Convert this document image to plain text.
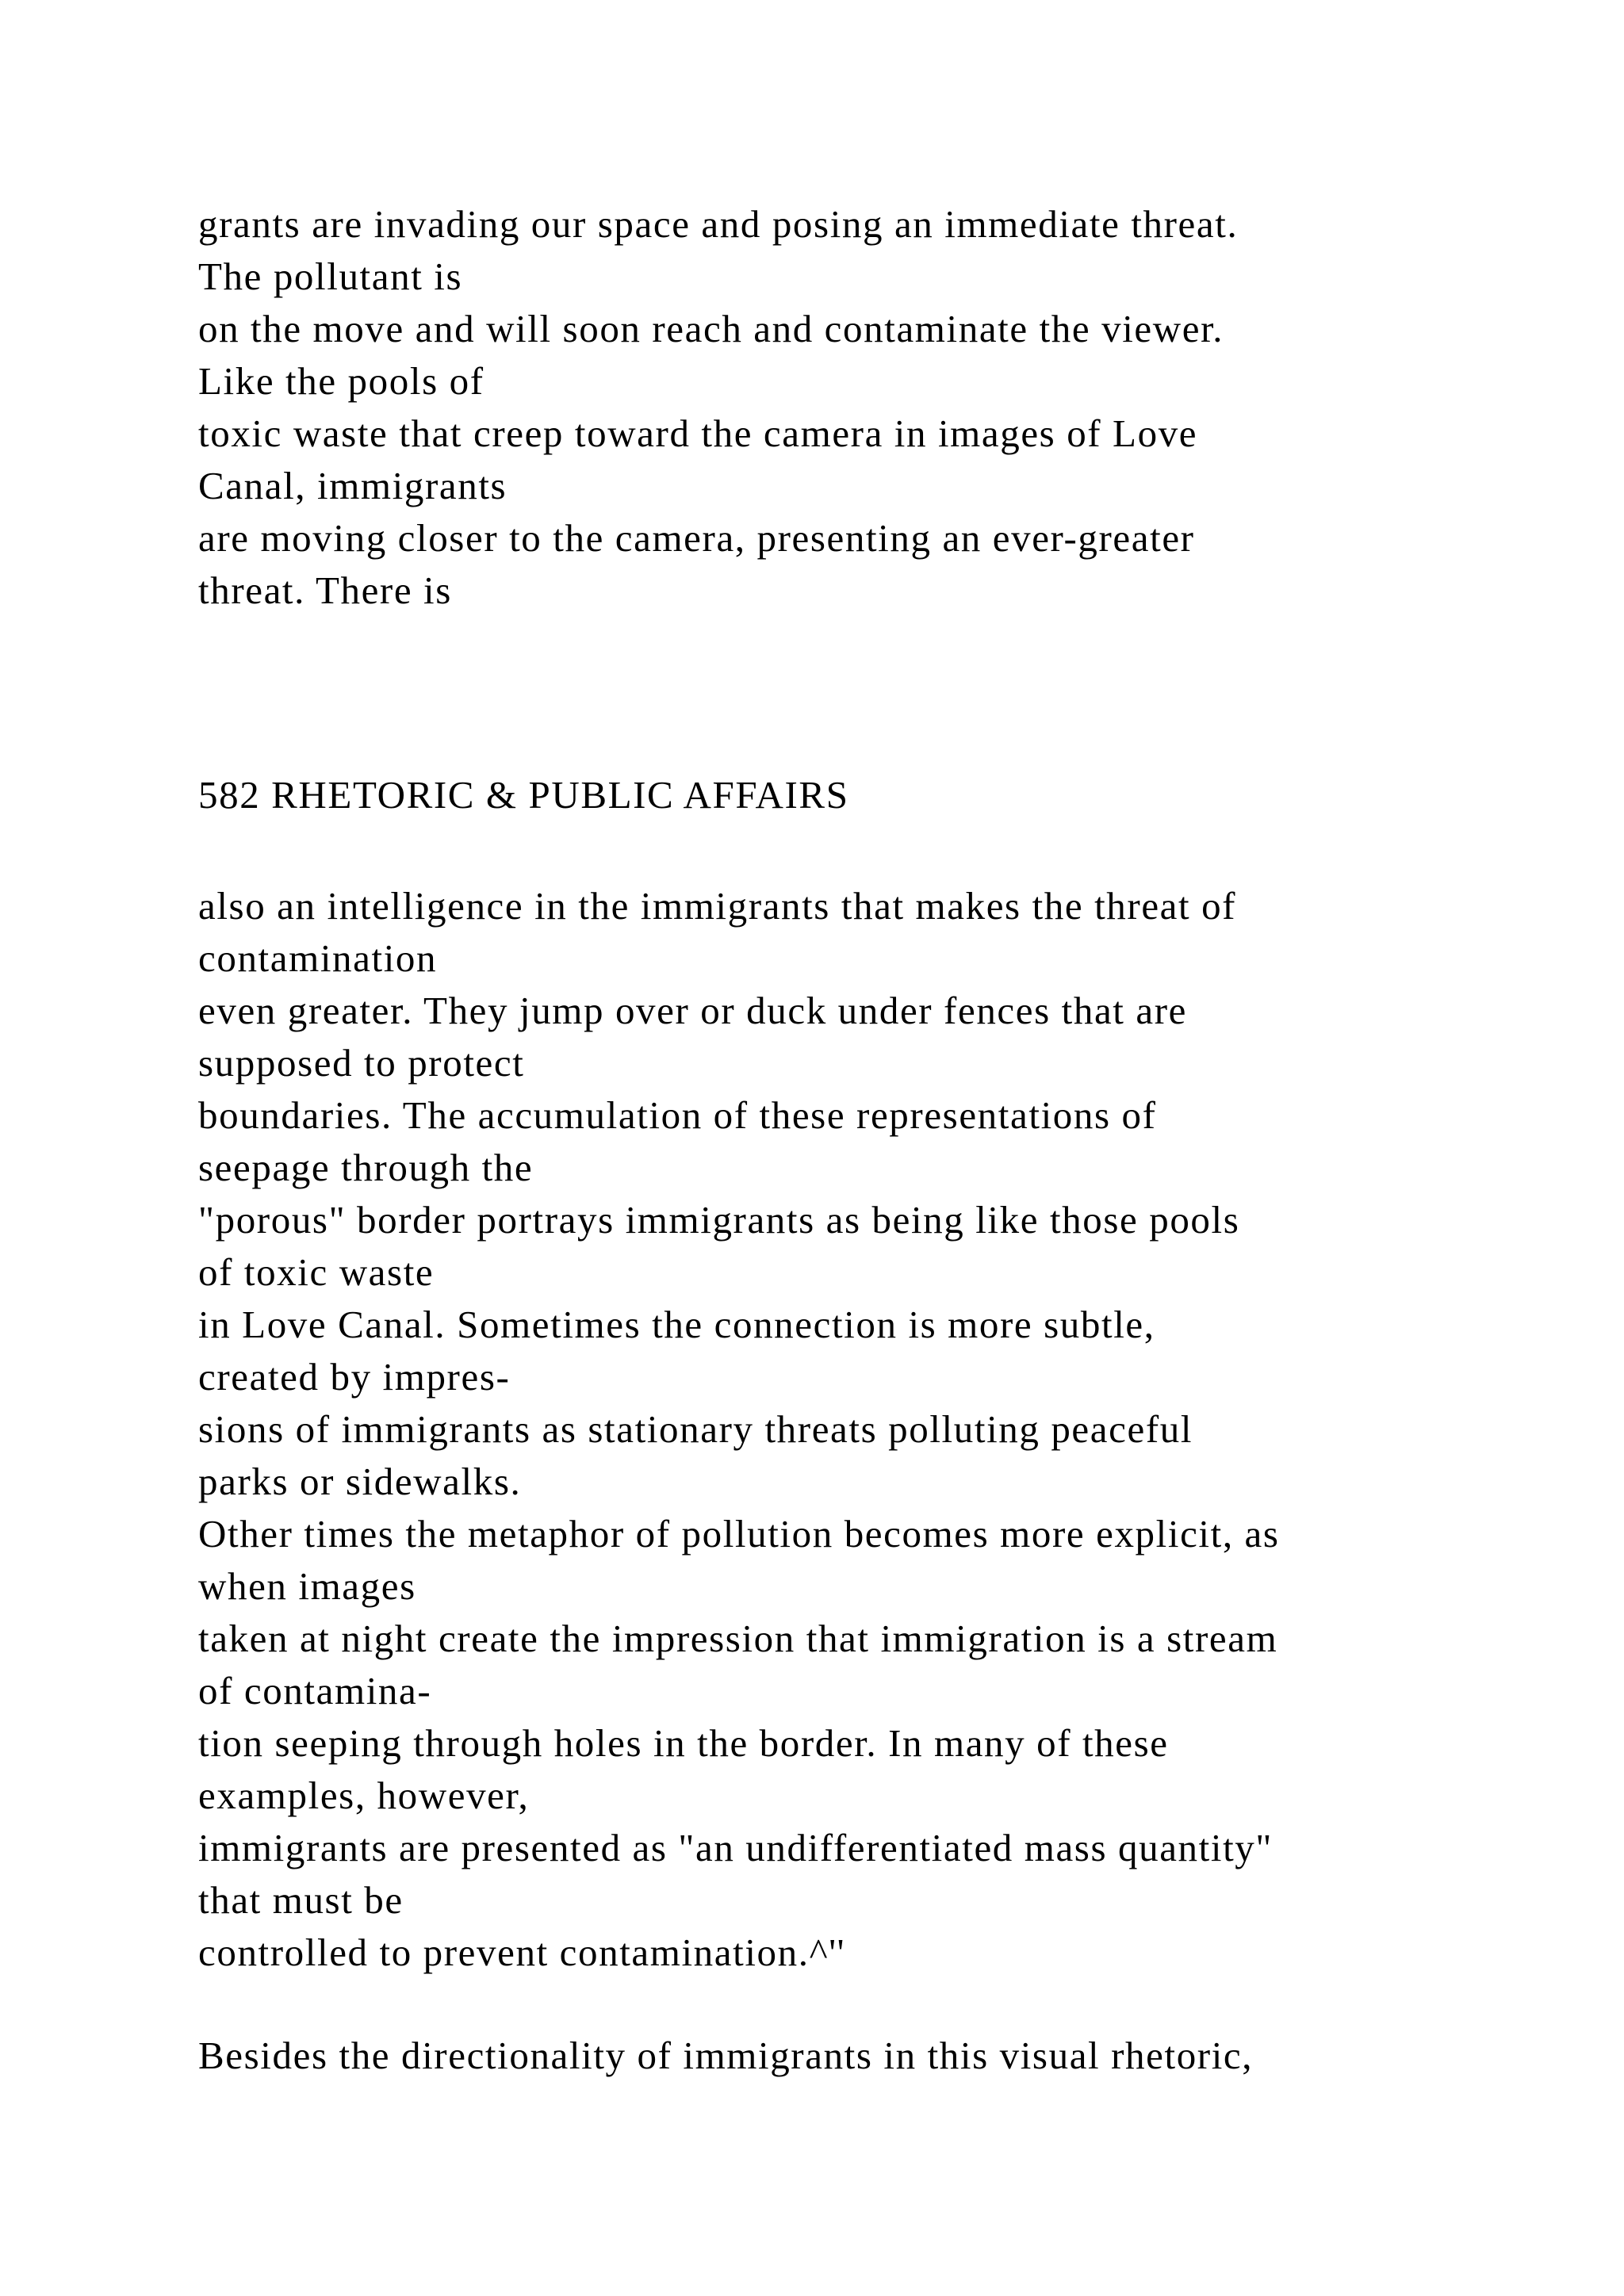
grants are invading our space and posing an immediate threat.
The pollutant is
on the move and will soon reach and contaminate the viewer.
Like the pools of
toxic waste that creep toward the camera in images of Love
Canal, immigrants
are moving closer to the camera, presenting an ever-greater
threat. There is

582 RHETORIC & PUBLIC AFFAIRS

also an intelligence in the immigrants that makes the threat of
contamination
even greater. They jump over or duck under fences that are
supposed to protect
boundaries. The accumulation of these representations of
seepage through the
"porous" border portrays immigrants as being like those pools
of toxic waste
in Love Canal. Sometimes the connection is more subtle,
created by impres-
sions of immigrants as stationary threats polluting peaceful
parks or sidewalks.
Other times the metaphor of pollution becomes more explicit, as
when images
taken at night create the impression that immigration is a stream
of contamina-
tion seeping through holes in the border. In many of these
examples, however,
immigrants are presented as "an undifferentiated mass quantity"
that must be
controlled to prevent contamination.^''

Besides the directionality of immigrants in this visual rhetoric,
